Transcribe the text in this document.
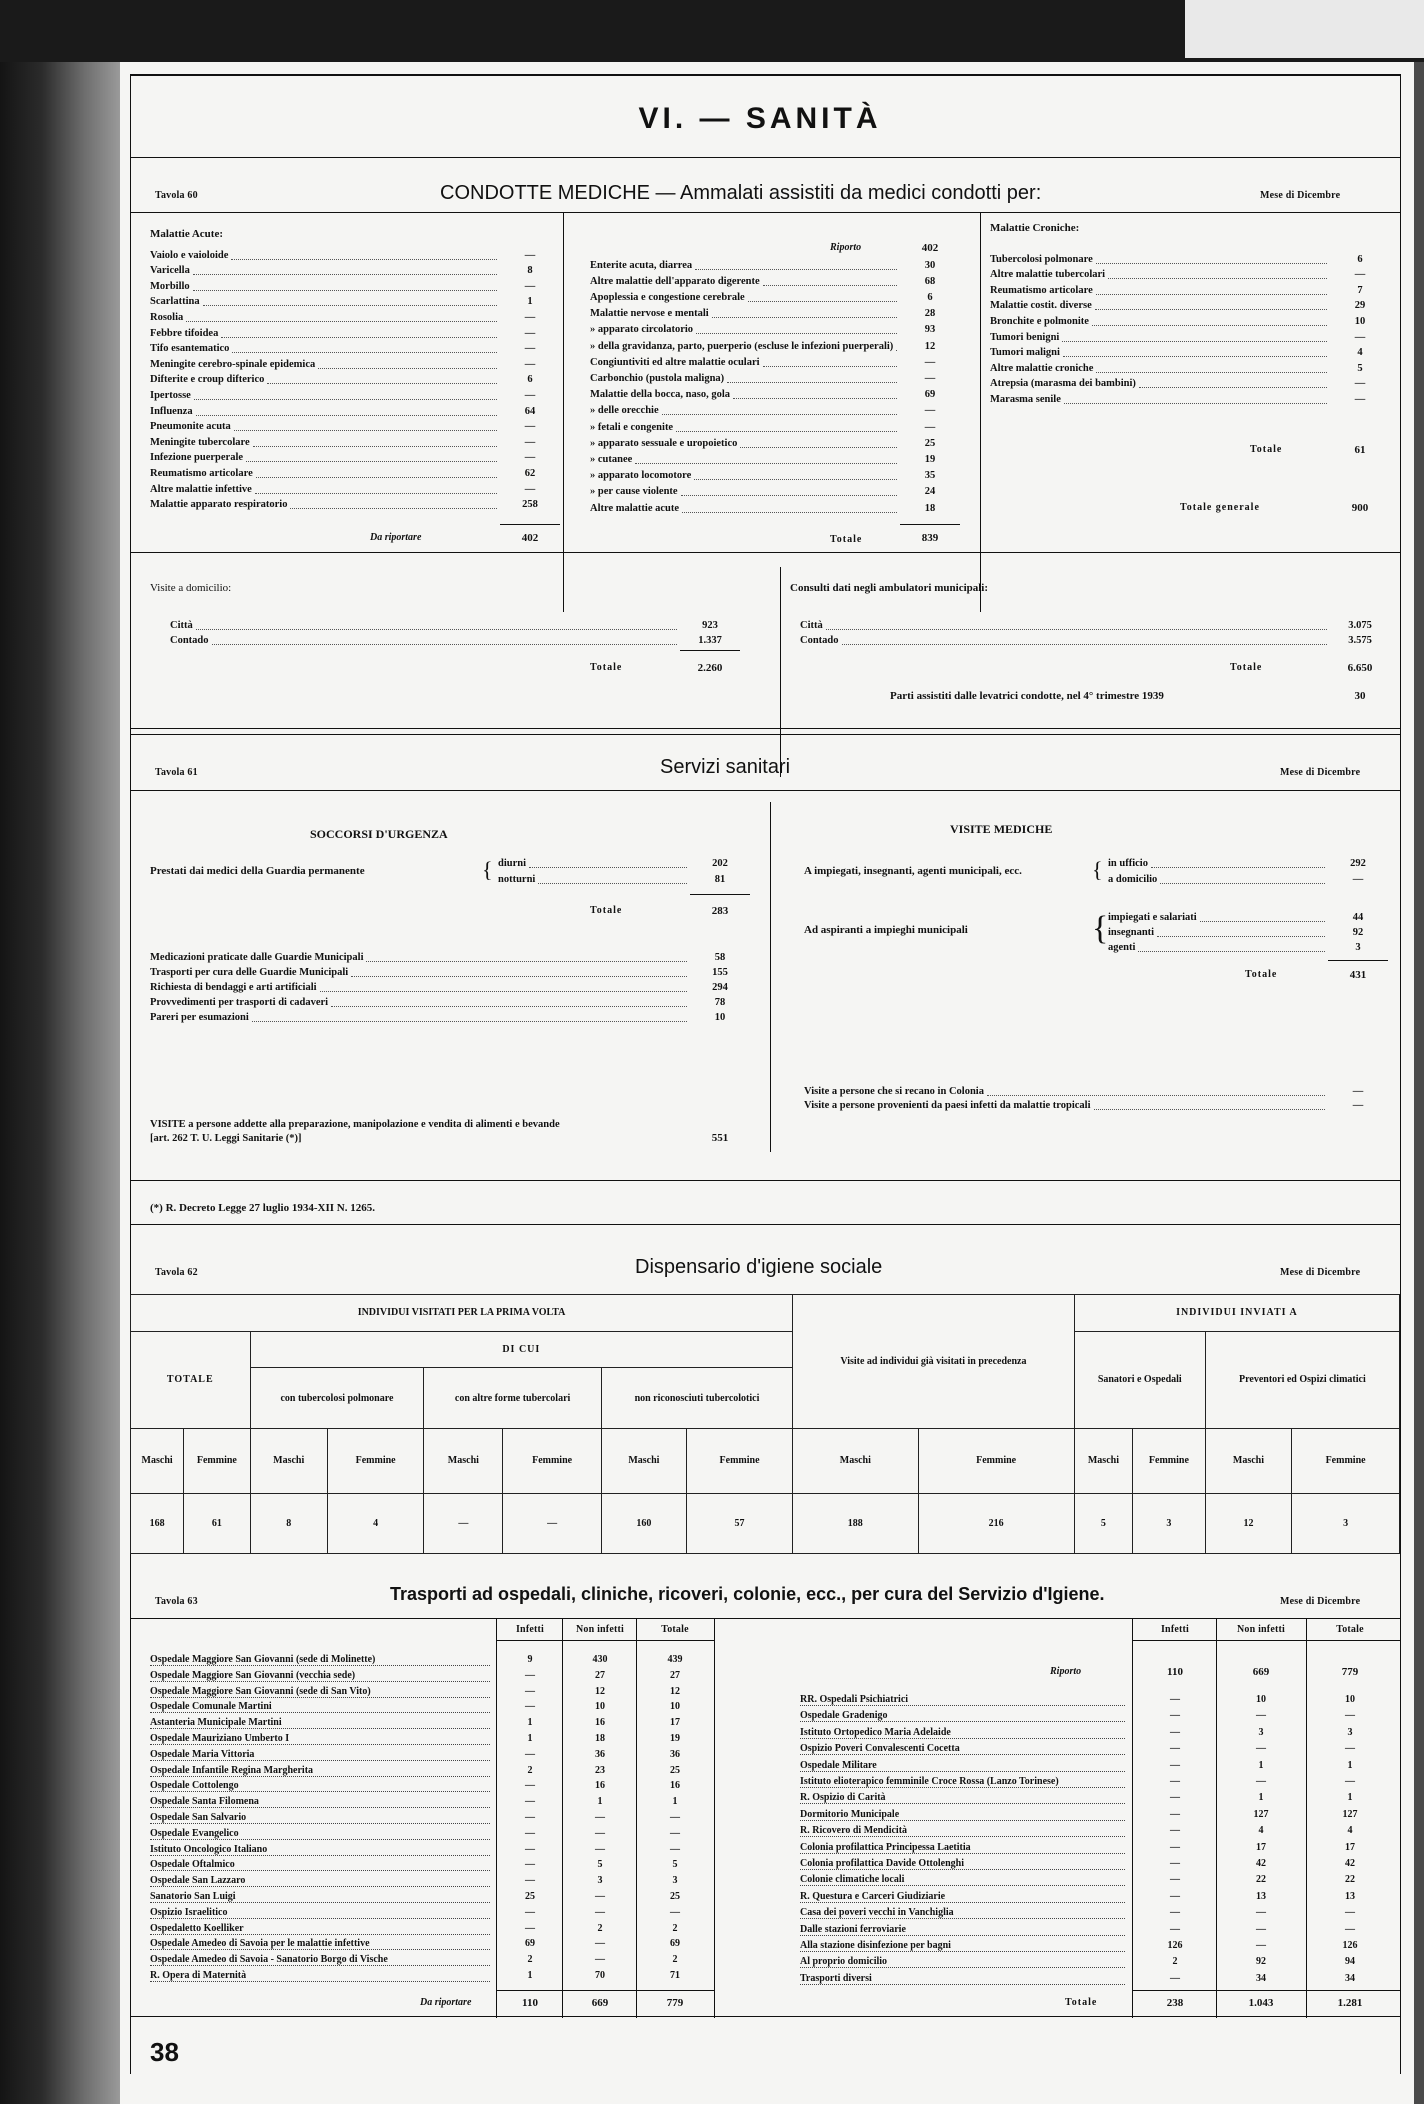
VI. — SANITÀ
Tavola 60	CONDOTTE MEDICHE — Ammalati assistiti da medici condotti per:	Mese di Dicembre
Malattie Acute:
Vaiolo e vaioloide	—
Varicella	8
Morbillo	—
Scarlattina	1
Rosolia	—
Febbre tifoidea	—
Tifo esantematico	—
Meningite cerebro-spinale epidemica	—
Difterite e croup difterico	6
Ipertosse	—
Influenza	64
Pneumonite acuta	—
Meningite tubercolare	—
Infezione puerperale	—
Reumatismo articolare	62
Altre malattie infettive	—
Malattie apparato respiratorio	258
Da riportare	402
Riporto	402
Enterite acuta, diarrea	30
Altre malattie dell'apparato digerente	68
Apoplessia e congestione cerebrale	6
Malattie nervose e mentali	28
» apparato circolatorio	93
» della gravidanza, parto, puerperio (escluse le infezioni puerperali)	12
Congiuntiviti ed altre malattie oculari	—
Carbonchio (pustola maligna)	—
Malattie della bocca, naso, gola	69
» delle orecchie	—
» fetali e congenite	—
» apparato sessuale e uropoietico	25
» cutanee	19
» apparato locomotore	35
» per cause violente	24
Altre malattie acute	18
Totale	839
Malattie Croniche:
Tubercolosi polmonare	6
Altre malattie tubercolari	—
Reumatismo articolare	7
Malattie costit. diverse	29
Bronchite e polmonite	10
Tumori benigni	—
Tumori maligni	4
Altre malattie croniche	5
Atrepsia (marasma dei bambini)	—
Marasma senile	—
Totale	61
Totale generale	900
Visite a domicilio:
Città	923
Contado	1.337
Totale	2.260
Consulti dati negli ambulatori municipali:
Città	3.075
Contado	3.575
Totale	6.650
Parti assistiti dalle levatrici condotte, nel 4° trimestre 1939	30
Tavola 61	Servizi sanitari	Mese di Dicembre
SOCCORSI D'URGENZA
Prestati dai medici della Guardia permanente	{ diurni	202
notturni	81
Totale	283
Medicazioni praticate dalle Guardie Municipali	58
Trasporti per cura delle Guardie Municipali	155
Richiesta di bendaggi e arti artificiali	294
Provvedimenti per trasporti di cadaveri	78
Pareri per esumazioni	10
VISITE a persone addette alla preparazione, manipolazione e vendita di alimenti e bevande [art. 262 T. U. Leggi Sanitarie (*)]	551
VISITE MEDICHE
A impiegati, insegnanti, agenti municipali, ecc.	{ in ufficio	292
a domicilio	—
Ad aspiranti a impieghi municipali	{ impiegati e salariati	44
insegnanti	92
agenti	3
Totale	431
Visite a persone che si recano in Colonia	—
Visite a persone provenienti da paesi infetti da malattie tropicali	—
(*) R. Decreto Legge 27 luglio 1934-XII N. 1265.
Tavola 62	Dispensario d'igiene sociale	Mese di Dicembre
INDIVIDUI VISITATI PER LA PRIMA VOLTA								Visite ad individui già visitati in precedenza		INDIVIDUI INVIATI A			
TOTALE		DI CUI								Sanatori e Ospedali		Preventori ed Ospizi climatici	
		con tubercolosi polmonare		con altre forme tubercolari		non riconosciuti tubercolotici							
Maschi	Femmine	Maschi	Femmine	Maschi	Femmine	Maschi	Femmine	Maschi	Femmine	Maschi	Femmine	Maschi	Femmine
168	61	8	4	—	—	160	57	188	216	5	3	12	3
Tavola 63	Trasporti ad ospedali, cliniche, ricoveri, colonie, ecc., per cura del Servizio d'Igiene.	Mese di Dicembre
Infetti	Non infetti	Totale
Ospedale Maggiore San Giovanni (sede di Molinette)	9	430	439
Ospedale Maggiore San Giovanni (vecchia sede)	—	27	27
Ospedale Maggiore San Giovanni (sede di San Vito)	—	12	12
Ospedale Comunale Martini	—	10	10
Astanteria Municipale Martini	1	16	17
Ospedale Mauriziano Umberto I	1	18	19
Ospedale Maria Vittoria	—	36	36
Ospedale Infantile Regina Margherita	2	23	25
Ospedale Cottolengo	—	16	16
Ospedale Santa Filomena	—	1	1
Ospedale San Salvario	—	—	—
Ospedale Evangelico	—	—	—
Istituto Oncologico Italiano	—	—	—
Ospedale Oftalmico	—	5	5
Ospedale San Lazzaro	—	3	3
Sanatorio San Luigi	25	—	25
Ospizio Israelitico	—	—	—
Ospedaletto Koelliker	—	2	2
Ospedale Amedeo di Savoia per le malattie infettive	69	—	69
Ospedale Amedeo di Savoia - Sanatorio Borgo di Vische	2	—	2
R. Opera di Maternità	1	70	71
Da riportare	110	669	779
Infetti	Non infetti	Totale
Riporto	110	669	779
RR. Ospedali Psichiatrici	—	10	10
Ospedale Gradenigo	—	—	—
Istituto Ortopedico Maria Adelaide	—	3	3
Ospizio Poveri Convalescenti Cocetta	—	—	—
Ospedale Militare	—	1	1
Istituto elioterapico femminile Croce Rossa (Lanzo Torinese)	—	—	—
R. Ospizio di Carità	—	1	1
Dormitorio Municipale	—	127	127
R. Ricovero di Mendicità	—	4	4
Colonia profilattica Principessa Laetitia	—	17	17
Colonia profilattica Davide Ottolenghi	—	42	42
Colonie climatiche locali	—	22	22
R. Questura e Carceri Giudiziarie	—	13	13
Casa dei poveri vecchi in Vanchiglia	—	—	—
Dalle stazioni ferroviarie	—	—	—
Alla stazione disinfezione per bagni	126	—	126
Al proprio domicilio	2	92	94
Trasporti diversi	—	34	34
Totale	238	1.043	1.281
38
